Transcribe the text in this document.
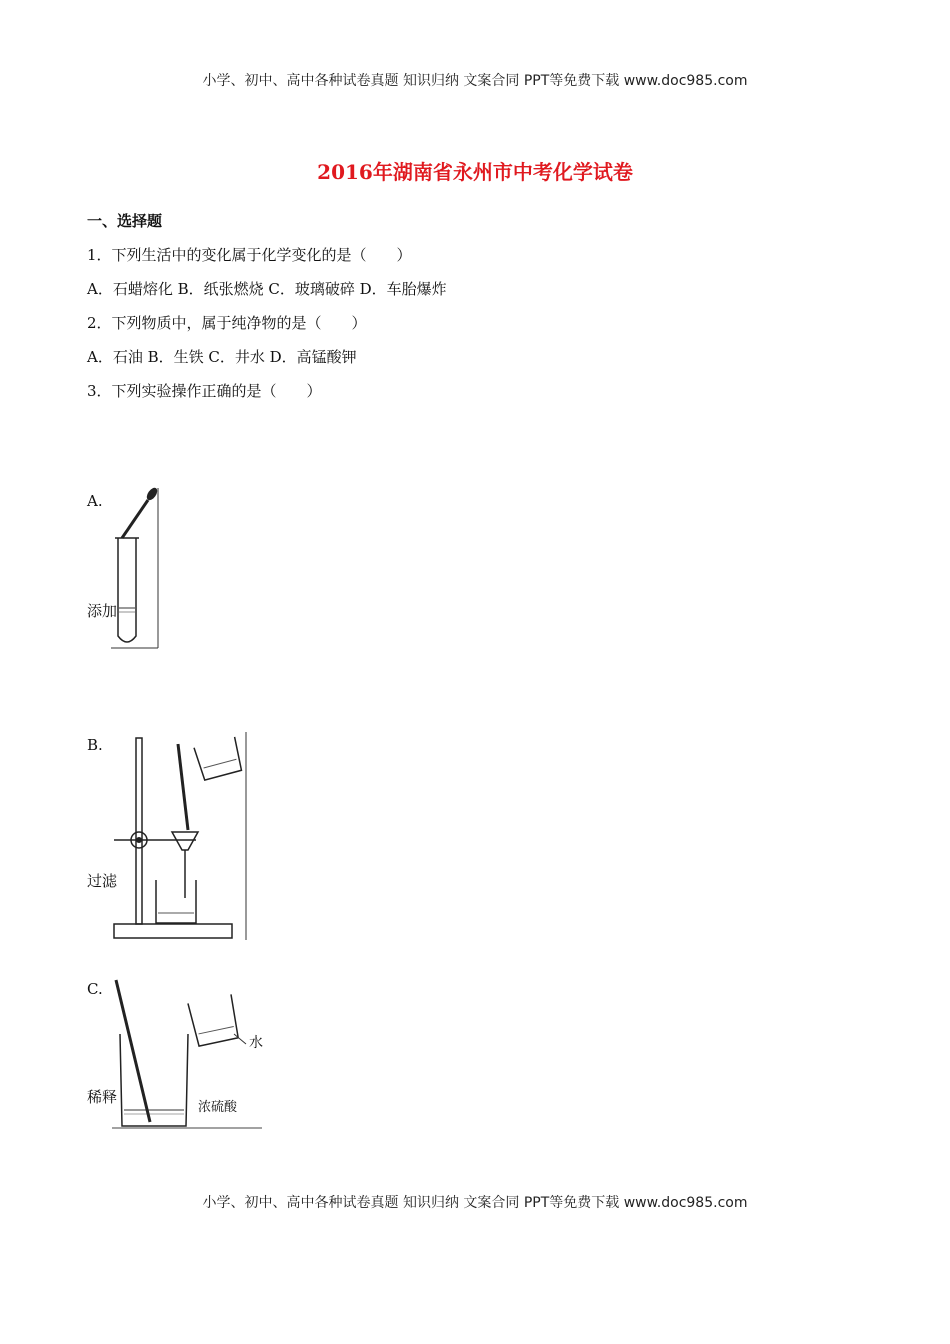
小学、初中、高中各种试卷真题 知识归纳 文案合同 PPT等免费下载 www.doc985.com
2016年湖南省永州市中考化学试卷
一、选择题
1．下列生活中的变化属于化学变化的是（　　）
A．石蜡熔化 B．纸张燃烧 C．玻璃破碎 D．车胎爆炸
2．下列物质中，属于纯净物的是（　　）
A．石油 B．生铁 C．井水 D．高锰酸钾
3．下列实验操作正确的是（　　）
A.
添加
B.
过滤
C.
稀释
水
浓硫酸
小学、初中、高中各种试卷真题 知识归纳 文案合同 PPT等免费下载 www.doc985.com
